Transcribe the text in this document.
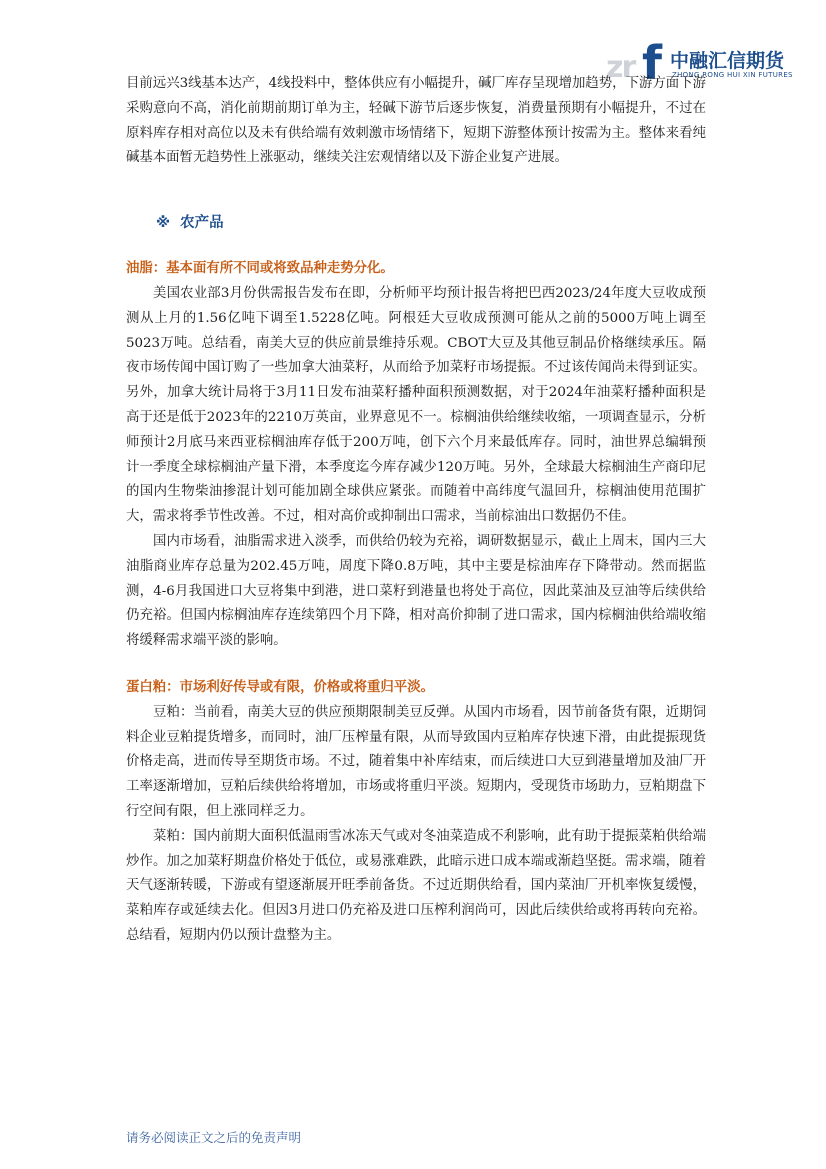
zr f 中融汇信期货
ZHONG RONG HUI XIN FUTURES

目前远兴3线基本达产，4线投料中，整体供应有小幅提升，碱厂库存呈现增加趋势，下游方面下游采购意向不高，消化前期前期订单为主，轻碱下游节后逐步恢复，消费量预期有小幅提升，不过在原料库存相对高位以及未有供给端有效刺激市场情绪下，短期下游整体预计按需为主。整体来看纯碱基本面暂无趋势性上涨驱动，继续关注宏观情绪以及下游企业复产进展。

※ 农产品
油脂：基本面有所不同或将致品种走势分化。

美国农业部3月份供需报告发布在即，分析师平均预计报告将把巴西2023/24年度大豆收成预测从上月的1.56亿吨下调至1.5228亿吨。阿根廷大豆收成预测可能从之前的5000万吨上调至5023万吨。总结看，南美大豆的供应前景维持乐观。CBOT大豆及其他豆制品价格继续承压。隔夜市场传闻中国订购了一些加拿大油菜籽，从而给予加菜籽市场提振。不过该传闻尚未得到证实。另外，加拿大统计局将于3月11日发布油菜籽播种面积预测数据，对于2024年油菜籽播种面积是高于还是低于2023年的2210万英亩，业界意见不一。棕榈油供给继续收缩，一项调查显示，分析师预计2月底马来西亚棕榈油库存低于200万吨，创下六个月来最低库存。同时，油世界总编辑预计一季度全球棕榈油产量下滑，本季度迄今库存减少120万吨。另外，全球最大棕榈油生产商印尼的国内生物柴油掺混计划可能加剧全球供应紧张。而随着中高纬度气温回升，棕榈油使用范围扩大，需求将季节性改善。不过，相对高价或抑制出口需求，当前棕油出口数据仍不佳。

国内市场看，油脂需求进入淡季，而供给仍较为充裕，调研数据显示，截止上周末，国内三大油脂商业库存总量为202.45万吨，周度下降0.8万吨，其中主要是棕油库存下降带动。然而据监测，4-6月我国进口大豆将集中到港，进口菜籽到港量也将处于高位，因此菜油及豆油等后续供给仍充裕。但国内棕榈油库存连续第四个月下降，相对高价抑制了进口需求，国内棕榈油供给端收缩将缓释需求端平淡的影响。

蛋白粕：市场利好传导或有限，价格或将重归平淡。

豆粕：当前看，南美大豆的供应预期限制美豆反弹。从国内市场看，因节前备货有限，近期饲料企业豆粕提货增多，而同时，油厂压榨量有限，从而导致国内豆粕库存快速下滑，由此提振现货价格走高，进而传导至期货市场。不过，随着集中补库结束，而后续进口大豆到港量增加及油厂开工率逐渐增加，豆粕后续供给将增加，市场或将重归平淡。短期内，受现货市场助力，豆粕期盘下行空间有限，但上涨同样乏力。

菜粕：国内前期大面积低温雨雪冰冻天气或对冬油菜造成不利影响，此有助于提振菜粕供给端炒作。加之加菜籽期盘价格处于低位，或易涨难跌，此暗示进口成本端或渐趋坚挺。需求端，随着天气逐渐转暖，下游或有望逐渐展开旺季前备货。不过近期供给看，国内菜油厂开机率恢复缓慢，菜粕库存或延续去化。但因3月进口仍充裕及进口压榨利润尚可，因此后续供给或将再转向充裕。总结看，短期内仍以预计盘整为主。

请务必阅读正文之后的免责声明
